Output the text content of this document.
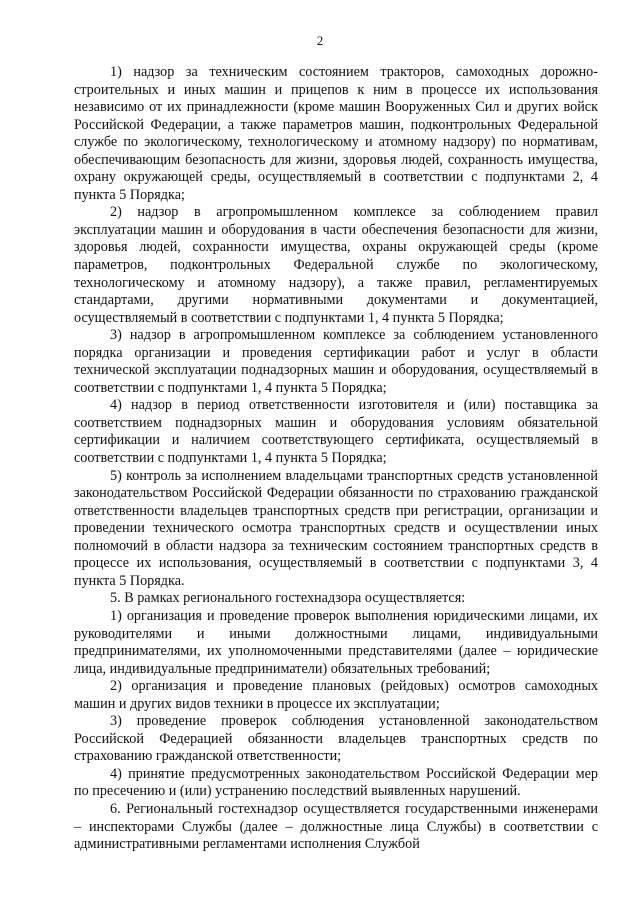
2

1) надзор за техническим состоянием тракторов, самоходных дорожно-строительных и иных машин и прицепов к ним в процессе их использования независимо от их принадлежности (кроме машин Вооруженных Сил и других войск Российской Федерации, а также параметров машин, подконтрольных Федеральной службе по экологическому, технологическому и атомному надзору) по нормативам, обеспечивающим безопасность для жизни, здоровья людей, сохранность имущества, охрану окружающей среды, осуществляемый в соответствии с подпунктами 2, 4 пункта 5 Порядка;

2) надзор в агропромышленном комплексе за соблюдением правил эксплуатации машин и оборудования в части обеспечения безопасности для жизни, здоровья людей, сохранности имущества, охраны окружающей среды (кроме параметров, подконтрольных Федеральной службе по экологическому, технологическому и атомному надзору), а также правил, регламентируемых стандартами, другими нормативными документами и документацией, осуществляемый в соответствии с подпунктами 1, 4 пункта 5 Порядка;

3) надзор в агропромышленном комплексе за соблюдением установленного порядка организации и проведения сертификации работ и услуг в области технической эксплуатации поднадзорных машин и оборудования, осуществляемый в соответствии с подпунктами 1, 4 пункта 5 Порядка;

4) надзор в период ответственности изготовителя и (или) поставщика за соответствием поднадзорных машин и оборудования условиям обязательной сертификации и наличием соответствующего сертификата, осуществляемый в соответствии с подпунктами 1, 4 пункта 5 Порядка;

5) контроль за исполнением владельцами транспортных средств установленной законодательством Российской Федерации обязанности по страхованию гражданской ответственности владельцев транспортных средств при регистрации, организации и проведении технического осмотра транспортных средств и осуществлении иных полномочий в области надзора за техническим состоянием транспортных средств в процессе их использования, осуществляемый в соответствии с подпунктами 3, 4 пункта 5 Порядка.

5. В рамках регионального гостехнадзора осуществляется:

1) организация и проведение проверок выполнения юридическими лицами, их руководителями и иными должностными лицами, индивидуальными предпринимателями, их уполномоченными представителями (далее – юридические лица, индивидуальные предприниматели) обязательных требований;

2) организация и проведение плановых (рейдовых) осмотров самоходных машин и других видов техники в процессе их эксплуатации;

3) проведение проверок соблюдения установленной законодательством Российской Федерацией обязанности владельцев транспортных средств по страхованию гражданской ответственности;

4) принятие предусмотренных законодательством Российской Федерации мер по пресечению и (или) устранению последствий выявленных нарушений.

6. Региональный гостехнадзор осуществляется государственными инженерами – инспекторами Службы (далее – должностные лица Службы) в соответствии с административными регламентами исполнения Службой
